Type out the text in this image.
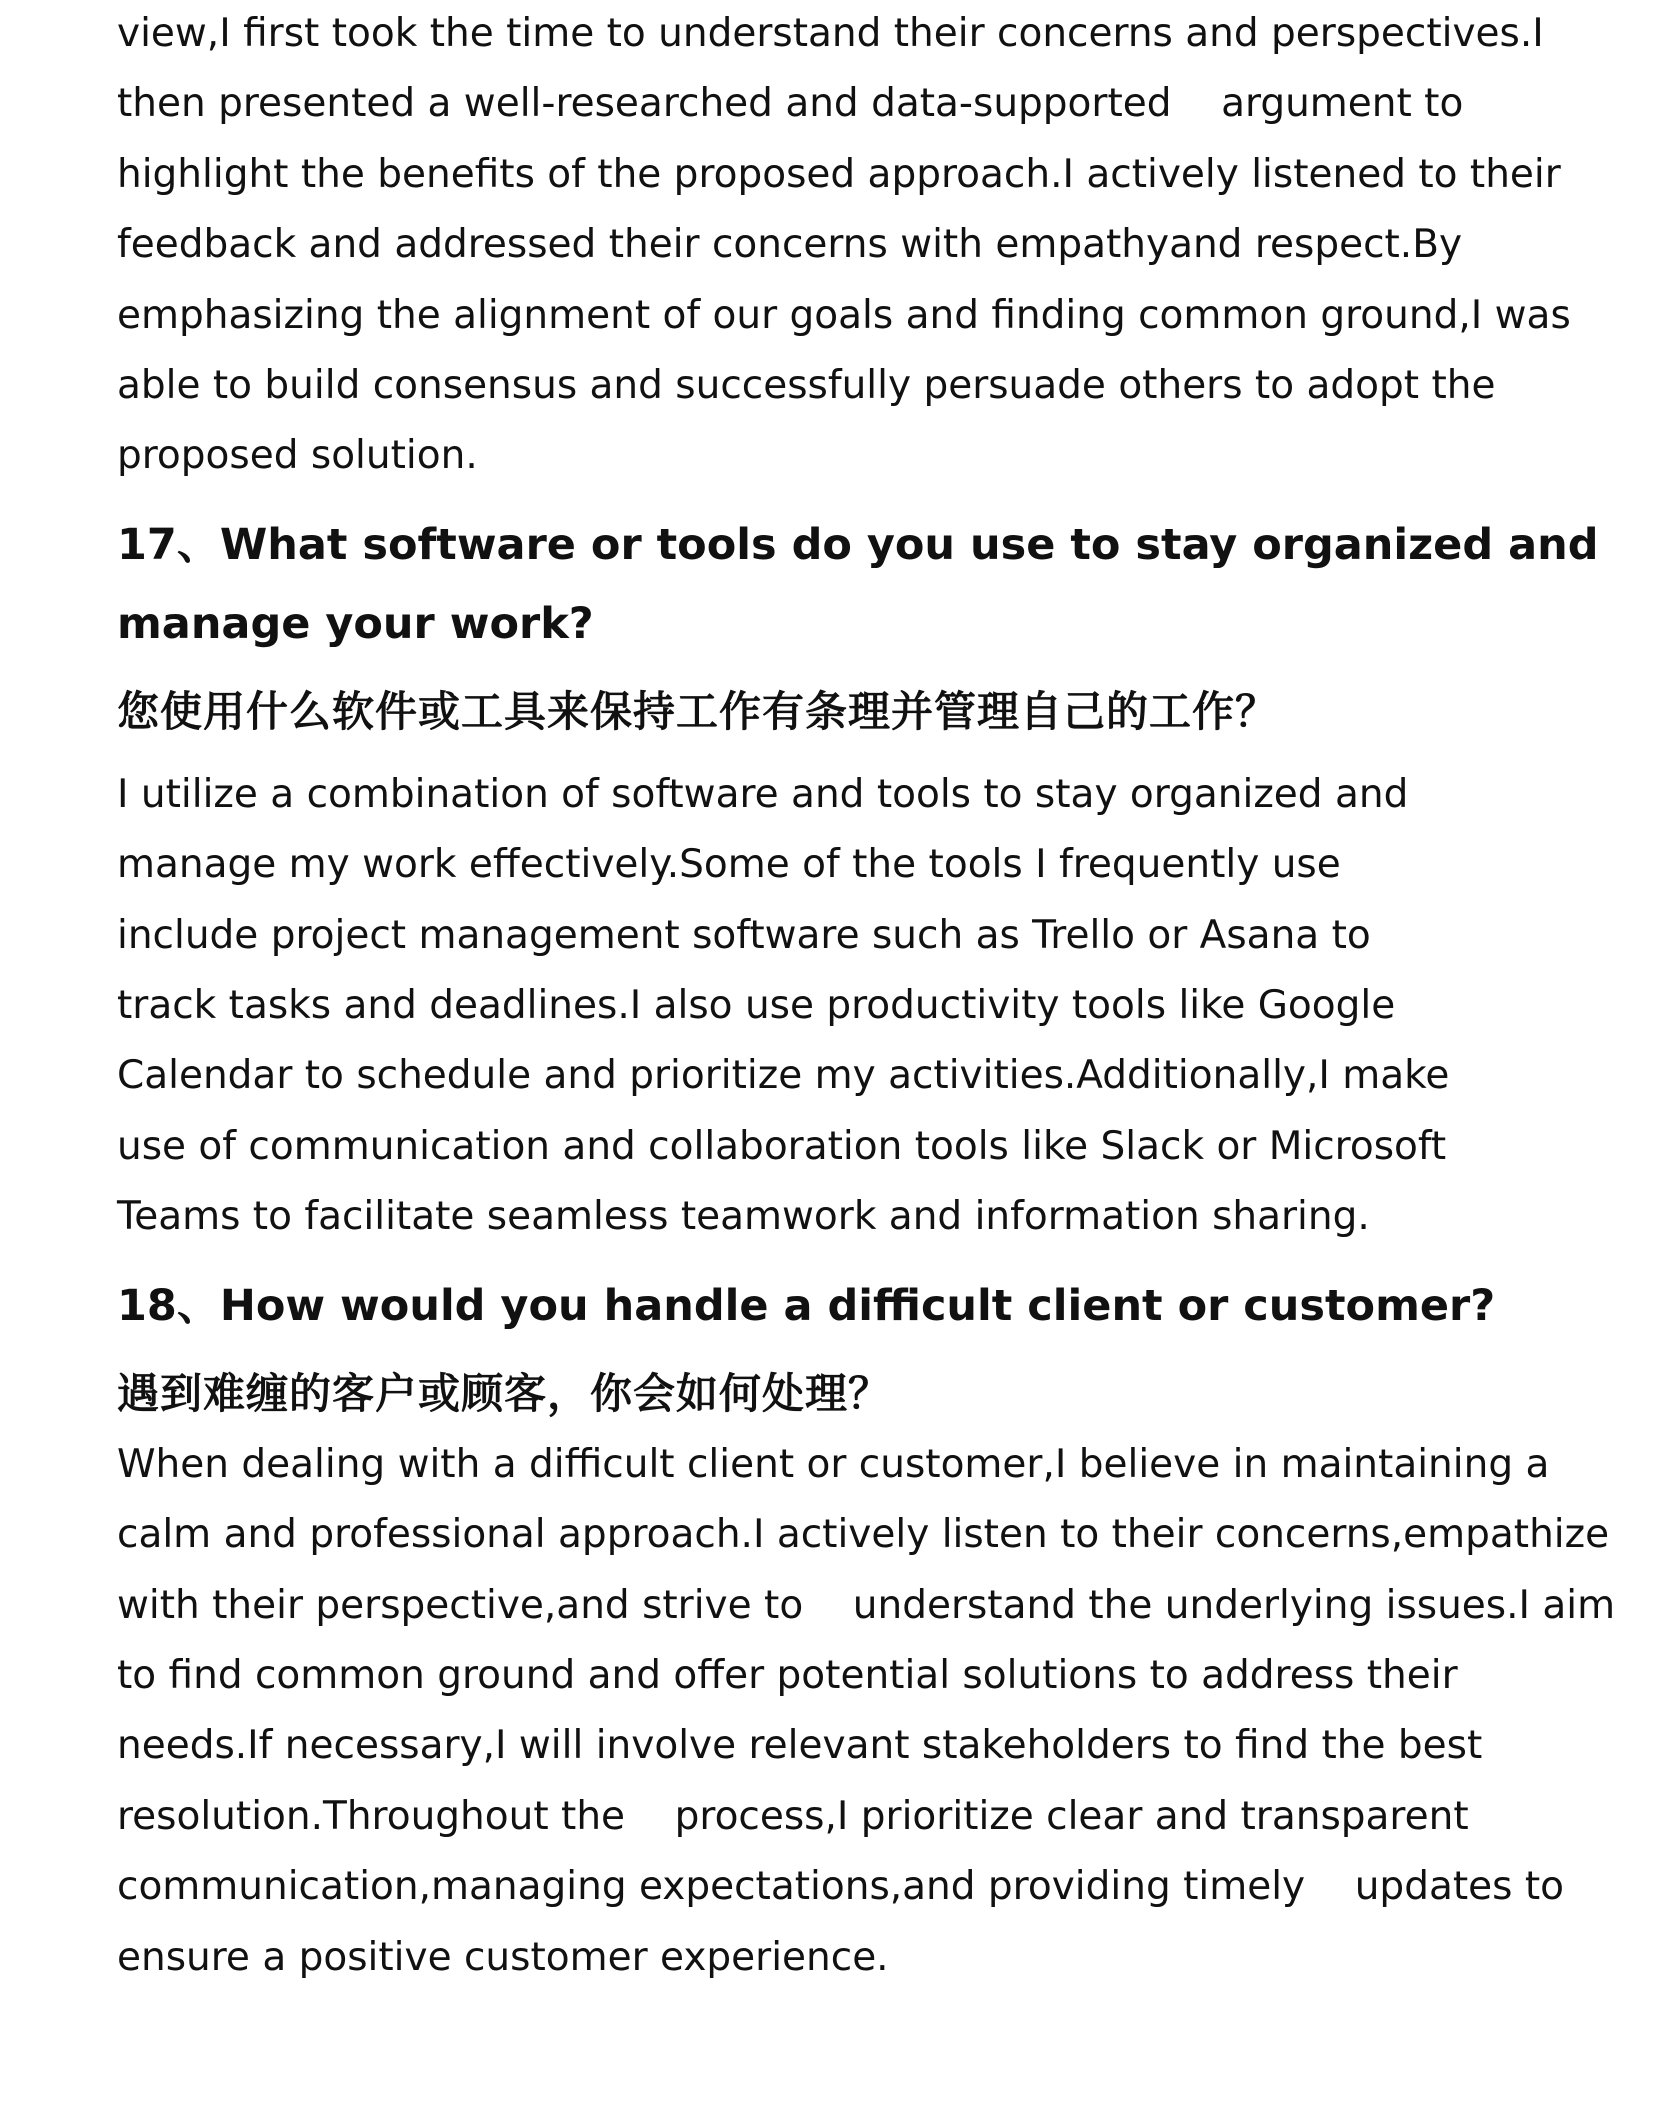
view,I first took the time to understand their concerns and perspectives.I
then presented a well-researched and data-supported    argument to
highlight the benefits of the proposed approach.I actively listened to their
feedback and addressed their concerns with empathyand respect.By
emphasizing the alignment of our goals and finding common ground,I was
able to build consensus and successfully persuade others to adopt the
proposed solution.

17、What software or tools do you use to stay organized and
manage your work?
您使用什么软件或工具来保持工作有条理并管理自己的工作？

I utilize a combination of software and tools to stay organized and
manage my work effectively.Some of the tools I frequently use
include project management software such as Trello or Asana to
track tasks and deadlines.I also use productivity tools like Google
Calendar to schedule and prioritize my activities.Additionally,I make
use of communication and collaboration tools like Slack or Microsoft
Teams to facilitate seamless teamwork and information sharing.

18、How would you handle a difficult client or customer?
遇到难缠的客户或顾客，你会如何处理？

When dealing with a difficult client or customer,I believe in maintaining a
calm and professional approach.I actively listen to their concerns,empathize
with their perspective,and strive to    understand the underlying issues.I aim
to find common ground and offer potential solutions to address their
needs.If necessary,I will involve relevant stakeholders to find the best
resolution.Throughout the    process,I prioritize clear and transparent
communication,managing expectations,and providing timely    updates to
ensure a positive customer experience.
